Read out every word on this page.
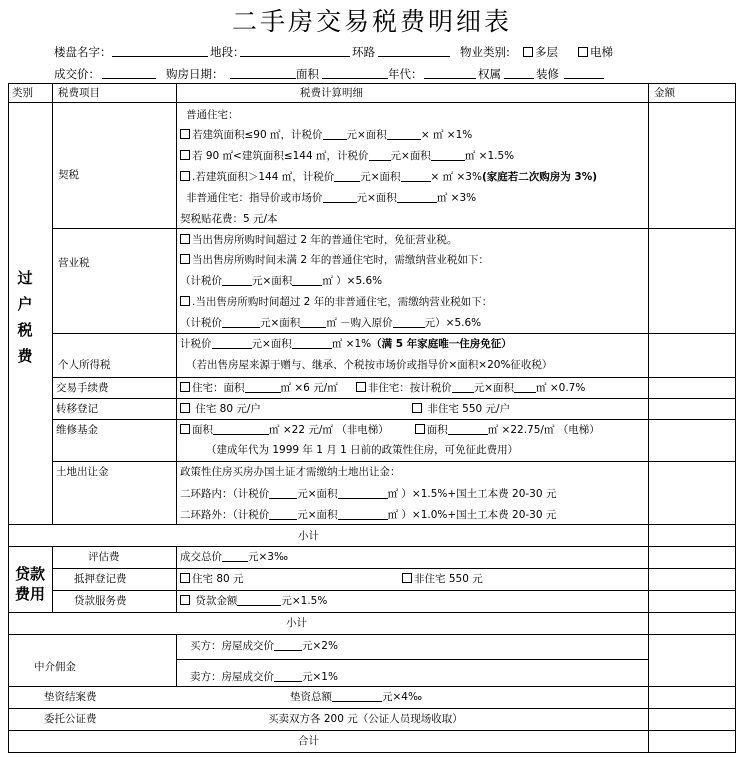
二手房交易税费明细表
楼盘名字：	地段：	环路	物业类别:	多层	电梯
成交价：	购房日期：	面积	年代：	权属	装修
类别 税费项目	税费计算明细	金额
过户税费
契税
普通住宅：
若建筑面积≤90 ㎡，计税价 元×面积	× ㎡ ×1%
若 90 ㎡<建筑面积≤144 ㎡，计税价 元×面积	㎡ ×1.5%
.若建筑面积＞144 ㎡，计税价 元×面积	× ㎡ ×3%(家庭若二次购房为 3%)
非普通住宅：指导价或市场价	元×面积	㎡ ×3%
契税贴花费：5 元/本
营业税
当出售房所购时间超过 2 年的普通住宅时，免征营业税。
当出售房所购时间未满 2 年的普通住宅时，需缴纳营业税如下：
（计税价	元×面积	㎡ ）×5.6%
.当出售房所购时间超过 2 年的非普通住宅，需缴纳营业税如下：
（计税价	元×面积 ㎡ －购入原价	元）×5.6%
个人所得税
计税价	元×面积	㎡ ×1%（满 5 年家庭唯一住房免征）
（若出售房屋来源于赠与、继承、个税按市场价或指导价×面积×20%征收税）
交易手续费	住宅：面积	㎡ ×6 元/㎡	非住宅：按计税价 元×面积 ㎡ ×0.7%
转移登记	住宅 80 元/户	非住宅 550 元/户
维修基金	面积	㎡ ×22 元/㎡ （非电梯）	面积	㎡ ×22.75/㎡ （电梯）
（建成年代为 1999 年 1 月 1 日前的政策性住房，可免征此费用）
土地出让金	政策性住房买房办国土证才需缴纳土地出让金：
二环路内：（计税价	元×面积	㎡ ）×1.5%+国土工本费 20-30 元
二环路外：（计税价	元×面积	㎡ ）×1.0%+国土工本费 20-30 元
小计
贷款费用
评估费	成交总价 元×3‰
抵押登记费	住宅 80 元	非住宅 550 元
贷款服务费	贷款金额	元×1.5%
小计
中介佣金
买方：房屋成交价	元×2%
卖方：房屋成交价	元×1%
垫资结案费	垫资总额	元×4‰
委托公证费	买卖双方各 200 元（公证人员现场收取）
合计
